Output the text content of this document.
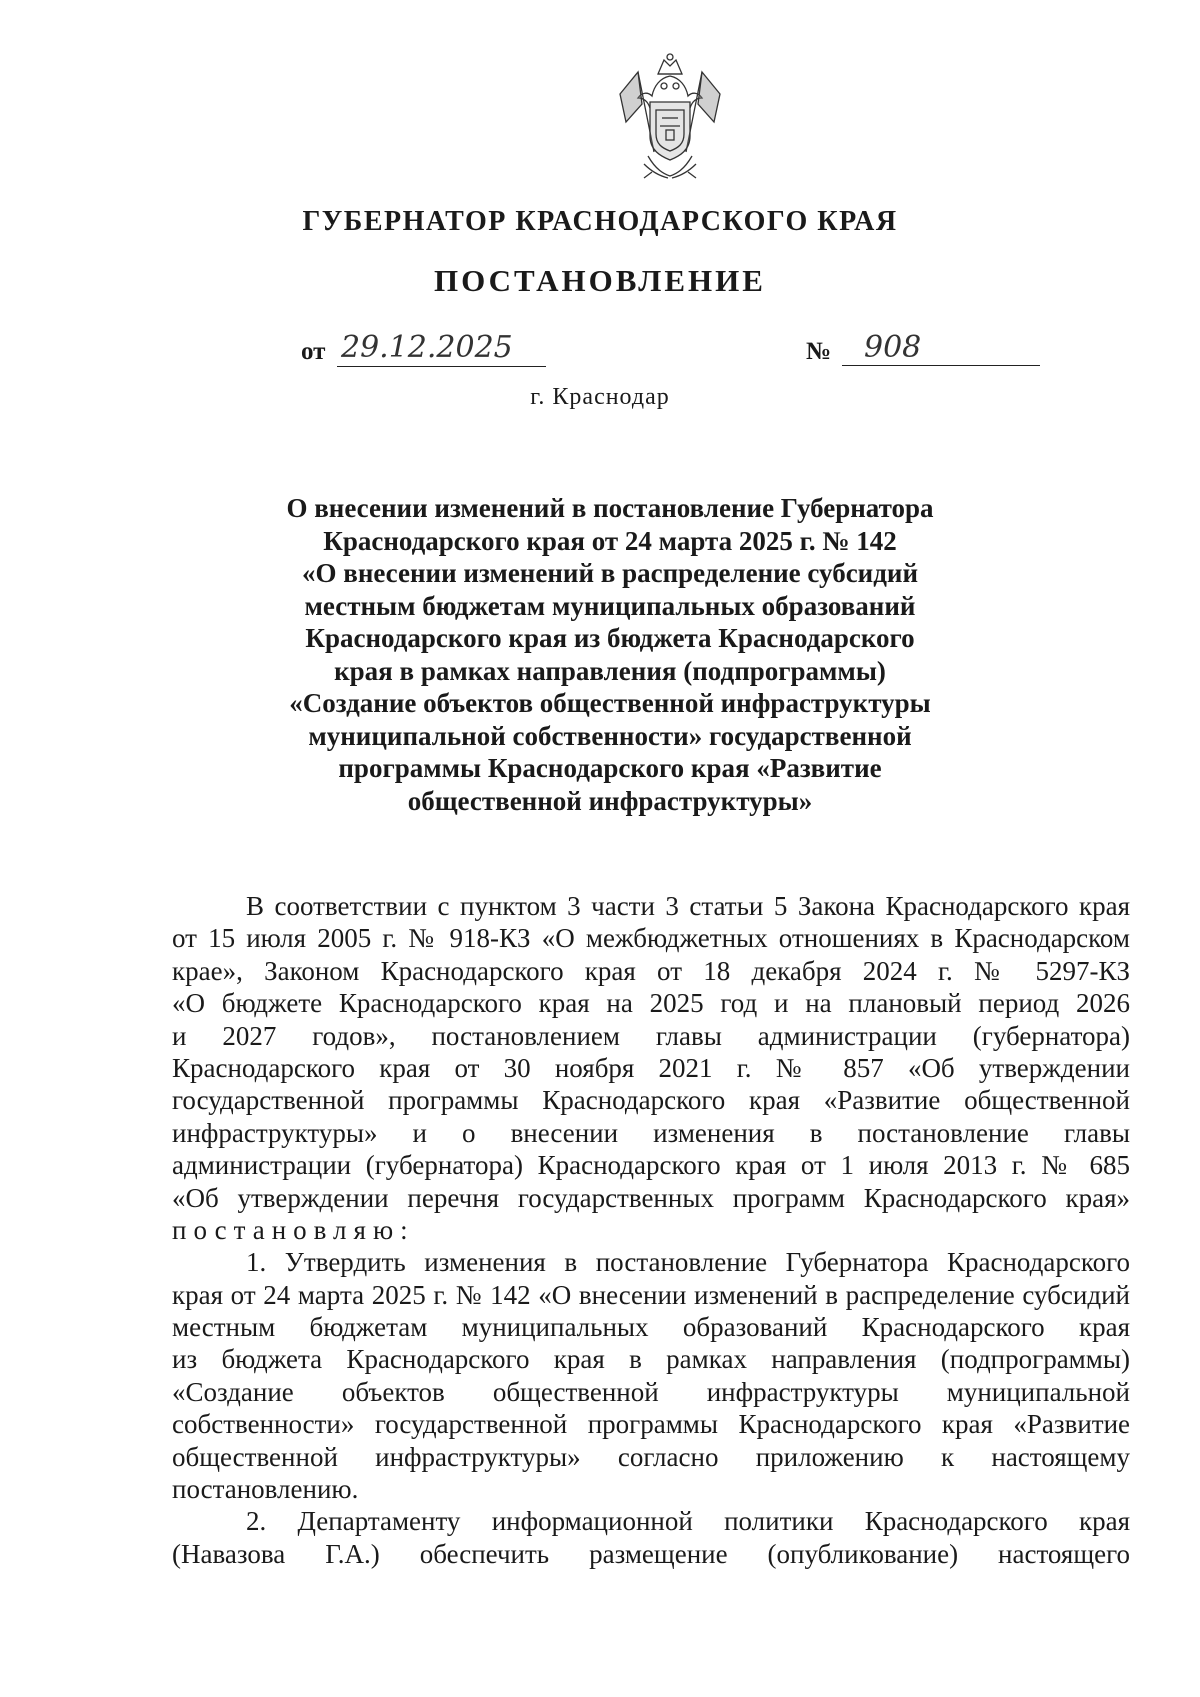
ГУБЕРНАТОР КРАСНОДАРСКОГО КРАЯ
ПОСТАНОВЛЕНИЕ
от 29.12.2025	№	908
г. Краснодар
О внесении изменений в постановление Губернатора
Краснодарского края от 24 марта 2025 г. № 142
«О внесении изменений в распределение субсидий
местным бюджетам муниципальных образований
Краснодарского края из бюджета Краснодарского
края в рамках направления (подпрограммы)
«Создание объектов общественной инфраструктуры
муниципальной собственности» государственной
программы Краснодарского края «Развитие
общественной инфраструктуры»
В соответствии с пунктом 3 части 3 статьи 5 Закона Краснодарского края
от 15 июля 2005 г. № 918-КЗ «О межбюджетных отношениях в Краснодарском
крае», Законом Краснодарского края от 18 декабря 2024 г. № 5297-КЗ
«О бюджете Краснодарского края на 2025 год и на плановый период 2026
и 2027 годов», постановлением главы администрации (губернатора)
Краснодарского края от 30 ноября 2021 г. № 857 «Об утверждении
государственной программы Краснодарского края «Развитие общественной
инфраструктуры» и о внесении изменения в постановление главы
администрации (губернатора) Краснодарского края от 1 июля 2013 г. № 685
«Об утверждении перечня государственных программ Краснодарского края»
постановляю:
1. Утвердить изменения в постановление Губернатора Краснодарского
края от 24 марта 2025 г. № 142 «О внесении изменений в распределение субсидий
местным бюджетам муниципальных образований Краснодарского края
из бюджета Краснодарского края в рамках направления (подпрограммы)
«Создание объектов общественной инфраструктуры муниципальной
собственности» государственной программы Краснодарского края «Развитие
общественной инфраструктуры» согласно приложению к настоящему
постановлению.
2. Департаменту информационной политики Краснодарского края
(Навазова Г.А.) обеспечить размещение (опубликование) настоящего
